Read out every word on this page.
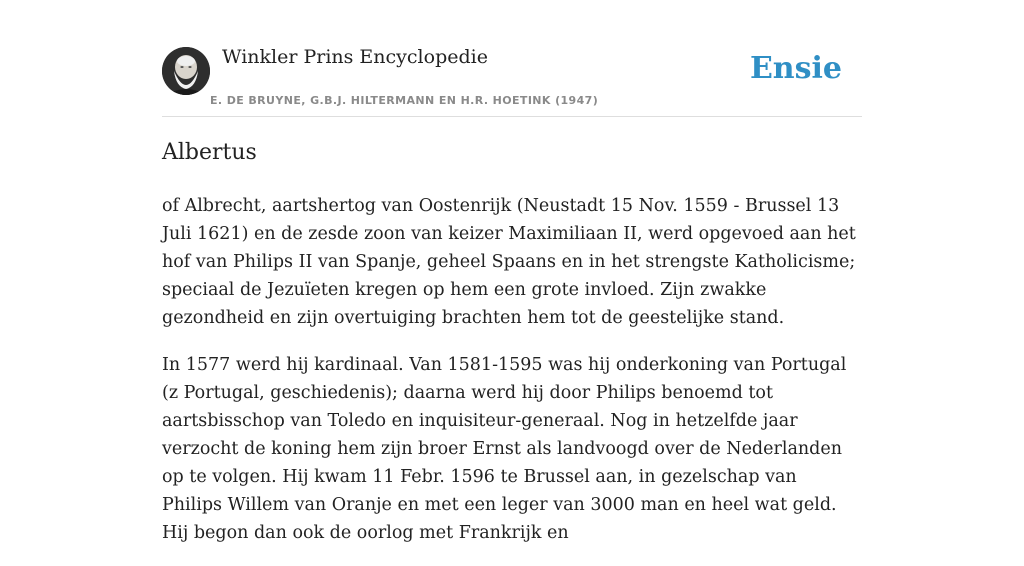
Winkler Prins Encyclopedie
E. DE BRUYNE, G.B.J. HILTERMANN EN H.R. HOETINK (1947)
Ensie
Albertus

of Albrecht, aartshertog van Oostenrijk (Neustadt 15 Nov. 1559 - Brussel 13 Juli 1621) en de zesde zoon van keizer Maximiliaan II, werd opgevoed aan het hof van Philips II van Spanje, geheel Spaans en in het strengste Katholicisme; speciaal de Jezuïeten kregen op hem een grote invloed. Zijn zwakke gezondheid en zijn overtuiging brachten hem tot de geestelijke stand.

In 1577 werd hij kardinaal. Van 1581-1595 was hij onderkoning van Portugal (z Portugal, geschiedenis); daarna werd hij door Philips benoemd tot aartsbisschop van Toledo en inquisiteur-generaal. Nog in hetzelfde jaar verzocht de koning hem zijn broer Ernst als landvoogd over de Nederlanden op te volgen. Hij kwam 11 Febr. 1596 te Brussel aan, in gezelschap van Philips Willem van Oranje en met een leger van 3000 man en heel wat geld. Hij begon dan ook de oorlog met Frankrijk en
